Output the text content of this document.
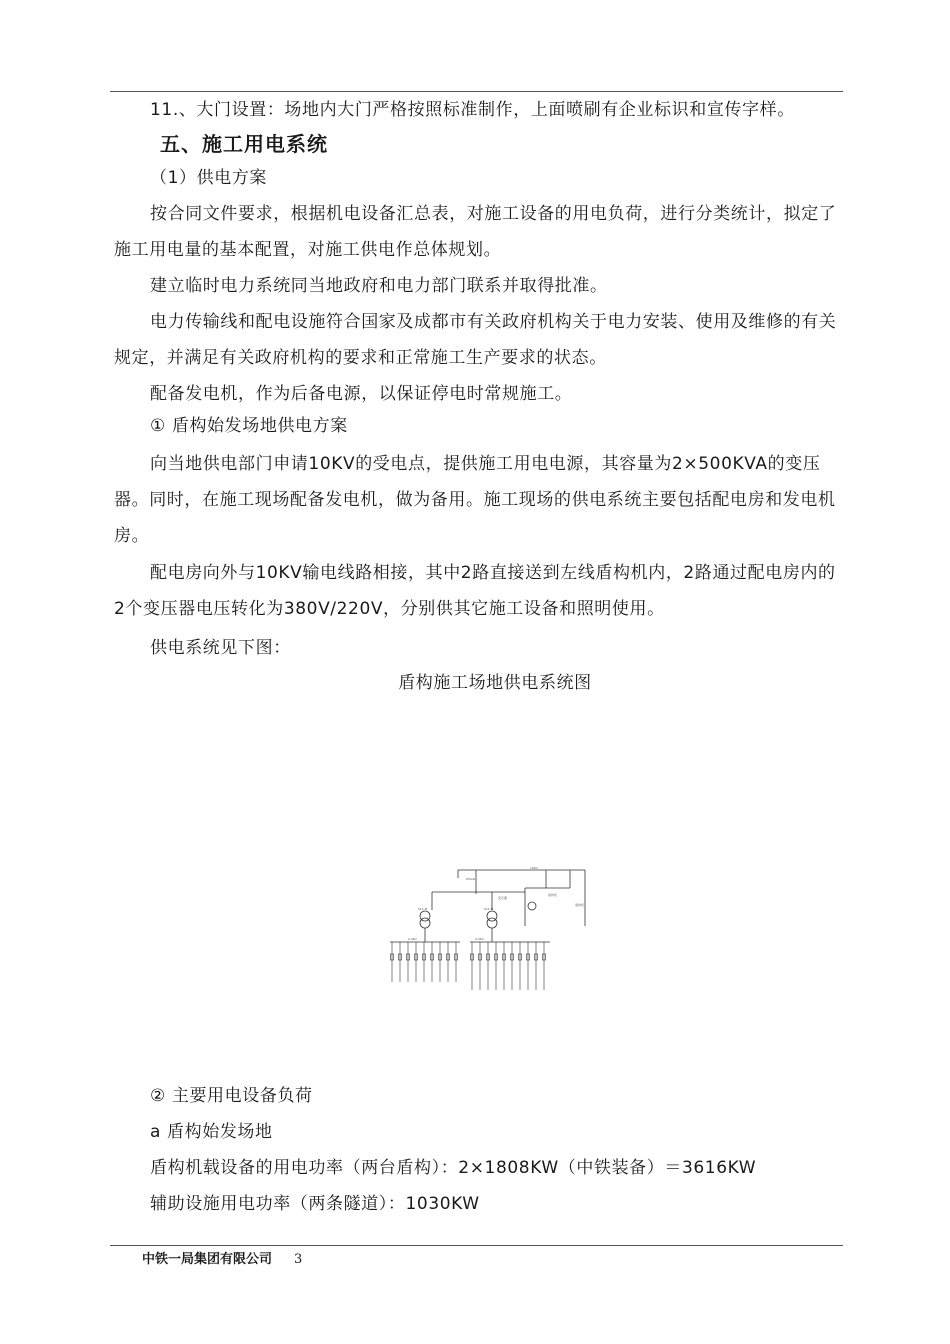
11.、大门设置：场地内大门严格按照标准制作，上面喷刷有企业标识和宣传字样。

五、施工用电系统

（1）供电方案

按合同文件要求，根据机电设备汇总表，对施工设备的用电负荷，进行分类统计，拟定了施工用电量的基本配置，对施工供电作总体规划。

建立临时电力系统同当地政府和电力部门联系并取得批准。

电力传输线和配电设施符合国家及成都市有关政府机构关于电力安装、使用及维修的有关规定，并满足有关政府机构的要求和正常施工生产要求的状态。

配备发电机，作为后备电源，以保证停电时常规施工。

① 盾构始发场地供电方案

向当地供电部门申请10KV的受电点，提供施工用电电源，其容量为2×500KVA的变压器。同时，在施工现场配备发电机，做为备用。施工现场的供电系统主要包括配电房和发电机房。

配电房向外与10KV输电线路相接，其中2路直接送到左线盾构机内，2路通过配电房内的2个变压器电压转化为380V/220V，分别供其它施工设备和照明使用。

供电系统见下图：

盾构施工场地供电系统图
10KV
HXGN
变压器
S11-M	S11-M
0.4KV	0.4KV
盾构机
盾构机

② 主要用电设备负荷

a 盾构始发场地

盾构机载设备的用电功率（两台盾构）：2×1808KW（中铁装备）＝3616KW

辅助设施用电功率（两条隧道）：1030KW

中铁一局集团有限公司 3
